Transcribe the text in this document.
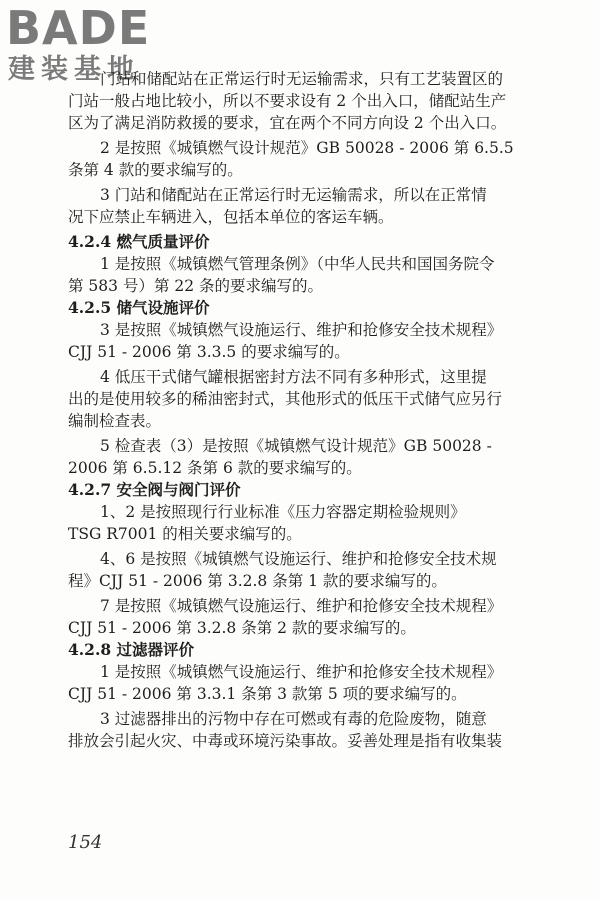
BADE
建装基地
门站和储配站在正常运行时无运输需求，只有工艺装置区的
门站一般占地比较小，所以不要求设有 2 个出入口，储配站生产
区为了满足消防救援的要求，宜在两个不同方向设 2 个出入口。
2 是按照《城镇燃气设计规范》GB 50028 - 2006 第 6.5.5
条第 4 款的要求编写的。
3 门站和储配站在正常运行时无运输需求，所以在正常情
况下应禁止车辆进入，包括本单位的客运车辆。
4.2.4 燃气质量评价
1 是按照《城镇燃气管理条例》（中华人民共和国国务院令
第 583 号）第 22 条的要求编写的。
4.2.5 储气设施评价
3 是按照《城镇燃气设施运行、维护和抢修安全技术规程》
CJJ 51 - 2006 第 3.3.5 的要求编写的。
4 低压干式储气罐根据密封方法不同有多种形式，这里提
出的是使用较多的稀油密封式，其他形式的低压干式储气应另行
编制检查表。
5 检查表（3）是按照《城镇燃气设计规范》GB 50028 -
2006 第 6.5.12 条第 6 款的要求编写的。
4.2.7 安全阀与阀门评价
1、2 是按照现行行业标准《压力容器定期检验规则》
TSG R7001 的相关要求编写的。
4、6 是按照《城镇燃气设施运行、维护和抢修安全技术规
程》CJJ 51 - 2006 第 3.2.8 条第 1 款的要求编写的。
7 是按照《城镇燃气设施运行、维护和抢修安全技术规程》
CJJ 51 - 2006 第 3.2.8 条第 2 款的要求编写的。
4.2.8 过滤器评价
1 是按照《城镇燃气设施运行、维护和抢修安全技术规程》
CJJ 51 - 2006 第 3.3.1 条第 3 款第 5 项的要求编写的。
3 过滤器排出的污物中存在可燃或有毒的危险废物，随意
排放会引起火灾、中毒或环境污染事故。妥善处理是指有收集装
154
